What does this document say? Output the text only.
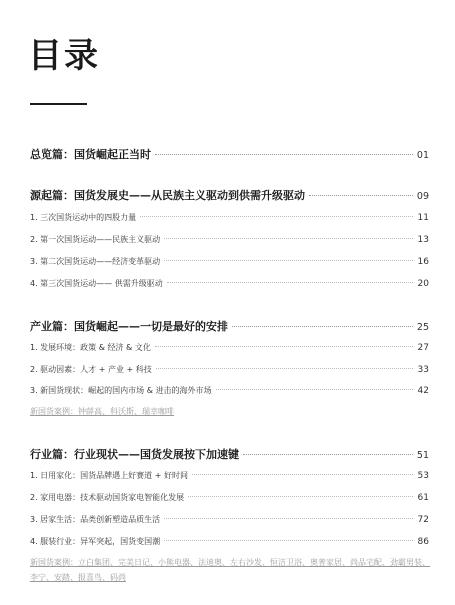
目录
总览篇：国货崛起正当时	01
源起篇：国货发展史——从民族主义驱动到供需升级驱动	09
1. 三次国货运动中的四股力量	11
2. 第一次国货运动——民族主义驱动	13
3. 第二次国货运动——经济变革驱动	16
4. 第三次国货运动—— 供需升级驱动	20
产业篇：国货崛起——一切是最好的安排	25
1. 发展环境：政策 & 经济 & 文化	27
2. 驱动因素：人才 + 产业 + 科技	33
3. 新国货现状：崛起的国内市场 & 进击的海外市场	42
新国货案例：钟薛高、科沃斯、瑞幸咖啡
行业篇：行业现状——国货发展按下加速键	51
1. 日用家化：国货品牌遇上好赛道 + 好时间	53
2. 家用电器：技术驱动国货家电智能化发展	61
3. 居家生活：品类创新塑造品质生活	72
4. 服装行业：异军突起，国货变国潮	86
新国货案例：立白集团、完美日记、小熊电器、法迪奥、左右沙发、恒洁卫浴、奥普家居、尚品宅配、劲霸男装、李宁、安踏、报喜鸟、码尚
